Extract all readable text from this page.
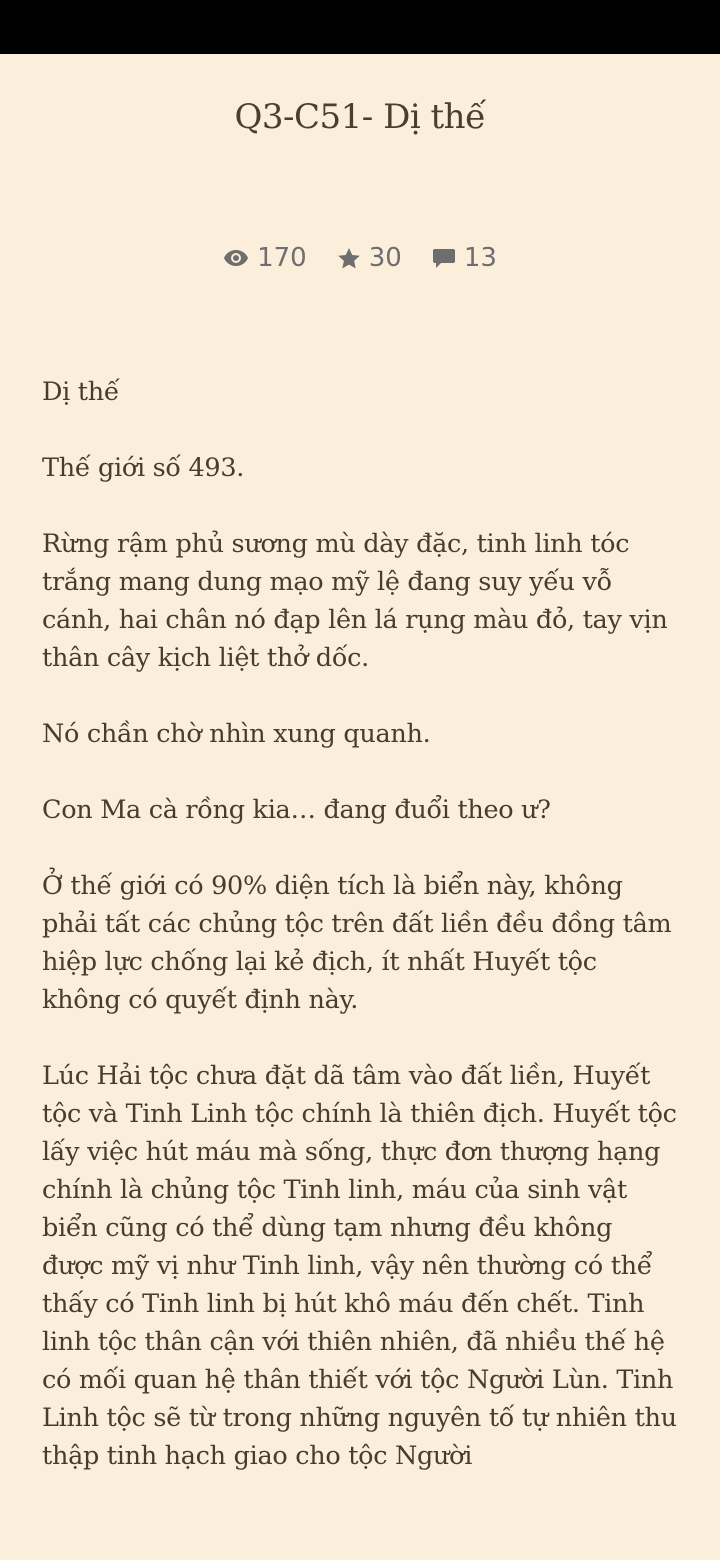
Q3-C51- Dị thế
170 30 13

Dị thế

Thế giới số 493.

Rừng rậm phủ sương mù dày đặc, tinh linh tóc trắng mang dung mạo mỹ lệ đang suy yếu vỗ cánh, hai chân nó đạp lên lá rụng màu đỏ, tay vịn thân cây kịch liệt thở dốc.

Nó chần chờ nhìn xung quanh.

Con Ma cà rồng kia… đang đuổi theo ư?

Ở thế giới có 90% diện tích là biển này, không phải tất các chủng tộc trên đất liền đều đồng tâm hiệp lực chống lại kẻ địch, ít nhất Huyết tộc không có quyết định này.

Lúc Hải tộc chưa đặt dã tâm vào đất liền, Huyết tộc và Tinh Linh tộc chính là thiên địch. Huyết tộc lấy việc hút máu mà sống, thực đơn thượng hạng chính là chủng tộc Tinh linh, máu của sinh vật biển cũng có thể dùng tạm nhưng đều không được mỹ vị như Tinh linh, vậy nên thường có thể thấy có Tinh linh bị hút khô máu đến chết. Tinh linh tộc thân cận với thiên nhiên, đã nhiều thế hệ có mối quan hệ thân thiết với tộc Người Lùn. Tinh Linh tộc sẽ từ trong những nguyên tố tự nhiên thu thập tinh hạch giao cho tộc Người
